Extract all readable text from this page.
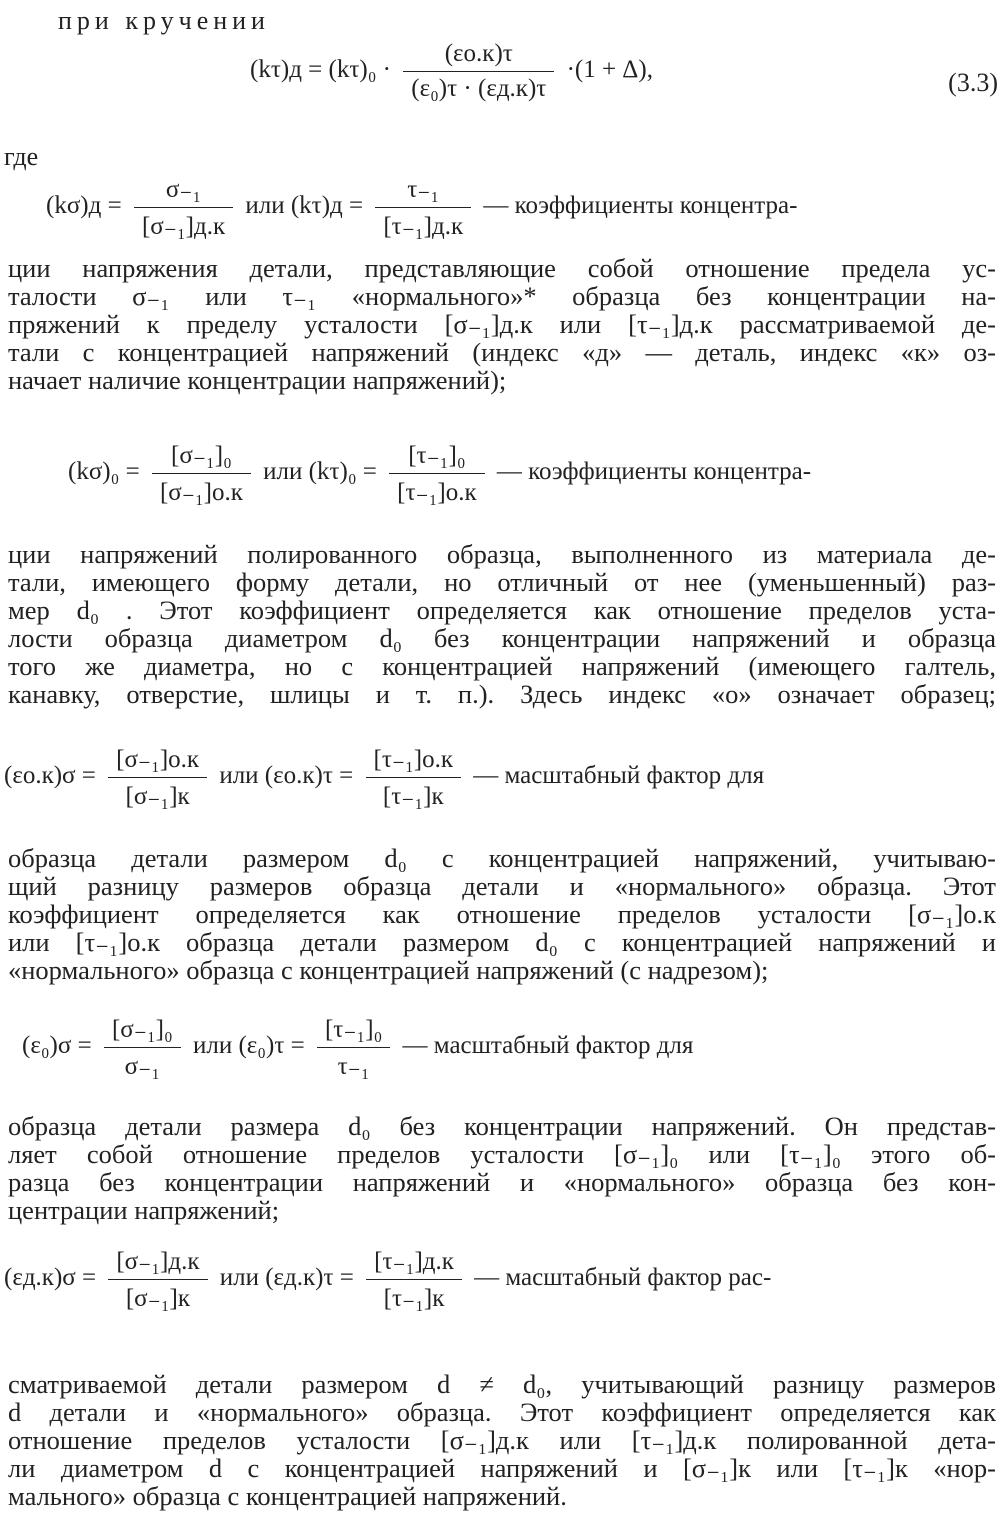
при кручении
$(k\tau)д = (k\tau)_0 \cdot \frac{(\varepsilon о.к)\tau}{\text{(ε₀)τ · (εд.к)τ}} \cdot(1 + \Delta)$,	(3.3)
где
$(k\sigma)д = \frac{\text{σ₋₁}}{\text{[σ₋₁]д.к}}$ или $(k\tau)д = \frac{\text{τ₋₁}}{\text{[τ₋₁]д.к}}$ — коэффициенты концентра-
ции напряжения детали, представляющие собой отношение предела ус-
талости σ₋₁ или τ₋₁ «нормального»* образца без концентрации на-
пряжений к пределу усталости [σ₋₁]д.к или [τ₋₁]д.к рассматриваемой де-
тали с концентрацией напряжений (индекс «д» — деталь, индекс «к» оз-
начает наличие концентрации напряжений);
$(k\sigma)_0 = \frac{\text{[σ₋₁]₀}}{\text{[σ₋₁]о.к}}$ или $(k\tau)_0 = \frac{\text{[τ₋₁]₀}}{\text{[τ₋₁]о.к}}$ — коэффициенты концентра-
ции напряжений полированного образца, выполненного из материала де-
тали, имеющего форму детали, но отличный от нее (уменьшенный) раз-
мер d₀ . Этот коэффициент определяется как отношение пределов уста-
лости образца диаметром d₀ без концентрации напряжений и образца
того же диаметра, но с концентрацией напряжений (имеющего галтель,
канавку, отверстие, шлицы и т. п.). Здесь индекс «о» означает образец;
$(\varepsilon о.к)\sigma = \frac{\text{[σ₋₁]о.к}}{\text{[σ₋₁]к}}$ или $(\varepsilon о.к)\tau = \frac{\text{[τ₋₁]о.к}}{\text{[τ₋₁]к}}$ — масштабный фактор для
образца детали размером d₀ с концентрацией напряжений, учитываю-
щий разницу размеров образца детали и «нормального» образца. Этот
коэффициент определяется как отношение пределов усталости [σ₋₁]о.к
или [τ₋₁]о.к образца детали размером d₀ с концентрацией напряжений и
«нормального» образца с концентрацией напряжений (с надрезом);
$(\varepsilon_0)\sigma = \frac{\text{[σ₋₁]₀}}{\text{σ₋₁}}$ или $(\varepsilon_0)\tau = \frac{\text{[τ₋₁]₀}}{\text{τ₋₁}}$ — масштабный фактор для
образца детали размера d₀ без концентрации напряжений. Он представ-
ляет собой отношение пределов усталости [σ₋₁]₀ или [τ₋₁]₀ этого об-
разца без концентрации напряжений и «нормального» образца без кон-
центрации напряжений;
$(\varepsilon д.к)\sigma = \frac{\text{[σ₋₁]д.к}}{\text{[σ₋₁]к}}$ или $(\varepsilon д.к)\tau = \frac{\text{[τ₋₁]д.к}}{\text{[τ₋₁]к}}$ — масштабный фактор рас-
сматриваемой детали размером d ≠ d₀, учитывающий разницу размеров
d детали и «нормального» образца. Этот коэффициент определяется как
отношение пределов усталости [σ₋₁]д.к или [τ₋₁]д.к полированной дета-
ли диаметром d с концентрацией напряжений и [σ₋₁]к или [τ₋₁]к «нор-
мального» образца с концентрацией напряжений.
